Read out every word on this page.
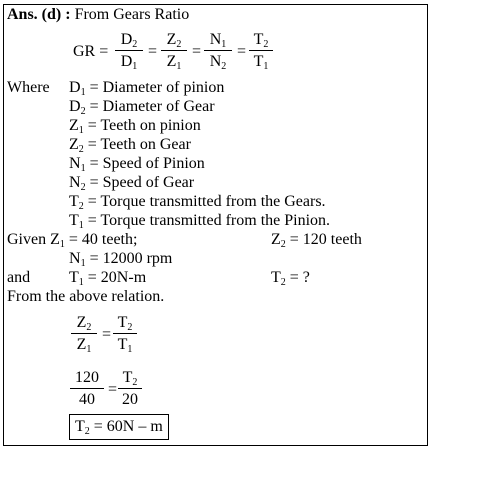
Ans. (d) : From Gears Ratio
GR = $\frac{D_2}{D_1} = \frac{Z_2}{Z_1} = \frac{N_1}{N_2} = \frac{T_2}{T_1}$
Where $D_1$ = Diameter of pinion
$D_2$ = Diameter of Gear
$Z_1$ = Teeth on pinion
$Z_2$ = Teeth on Gear
$N_1$ = Speed of Pinion
$N_2$ = Speed of Gear
$T_2$ = Torque transmitted from the Gears.
$T_1$ = Torque transmitted from the Pinion.
Given $Z_1 = 40$ teeth;	$Z_2 = 120$ teeth
$N_1 = 12000$ rpm
and $T_1 = 20N-m$	$T_2$ = ?
From the above relation.
$\frac{Z_2}{Z_1} = \frac{T_2}{T_1}$
$\frac{120}{40} = \frac{T_2}{20}$
$T_2 = 60N - m$
